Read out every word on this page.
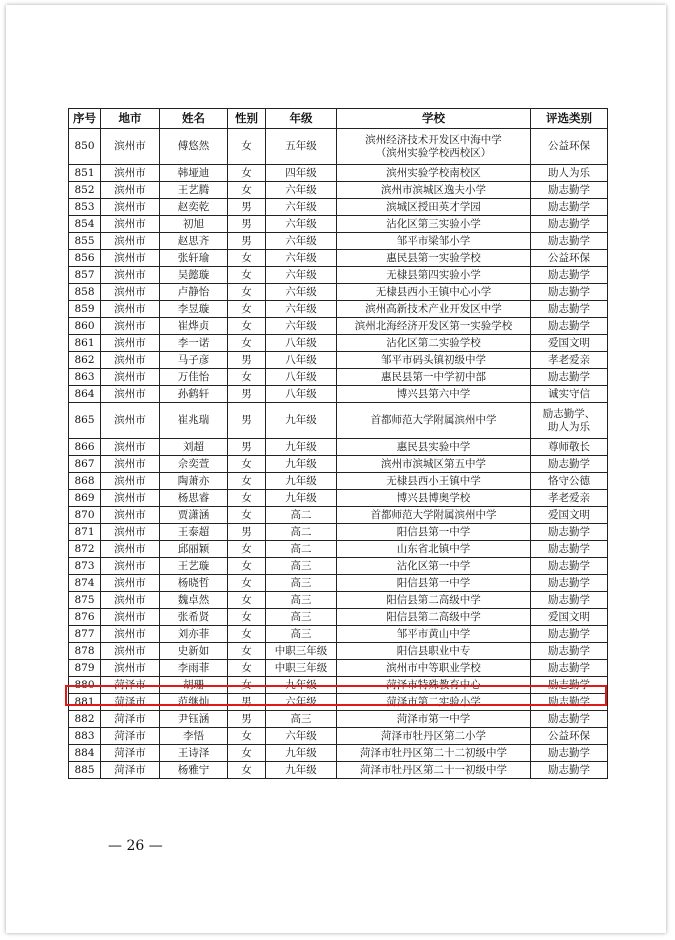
序号	地市	姓名	性别	年级	学校	评选类别
850	滨州市	傅悠然	女	五年级	滨州经济技术开发区中海中学
（滨州实验学校西校区）	公益环保
851	滨州市	韩垭迪	女	四年级	滨州实验学校南校区	助人为乐
852	滨州市	王艺腾	女	六年级	滨州市滨城区逸夫小学	励志勤学
853	滨州市	赵奕乾	男	六年级	滨城区授田英才学园	励志勤学
854	滨州市	初旭	男	六年级	沾化区第三实验小学	励志勤学
855	滨州市	赵思齐	男	六年级	邹平市梁邹小学	励志勤学
856	滨州市	张轩瑜	女	六年级	惠民县第一实验学校	公益环保
857	滨州市	吴懿璇	女	六年级	无棣县第四实验小学	励志勤学
858	滨州市	卢静怡	女	六年级	无棣县西小王镇中心小学	励志勤学
859	滨州市	李昱璇	女	六年级	滨州高新技术产业开发区中学	励志勤学
860	滨州市	崔烨贞	女	六年级	滨州北海经济开发区第一实验学校	励志勤学
861	滨州市	李一诺	女	八年级	沾化区第二实验学校	爱国文明
862	滨州市	马子彦	男	八年级	邹平市码头镇初级中学	孝老爱亲
863	滨州市	万佳怡	女	八年级	惠民县第一中学初中部	励志勤学
864	滨州市	孙鹤轩	男	八年级	博兴县第六中学	诚实守信
865	滨州市	崔兆瑞	男	九年级	首都师范大学附属滨州中学	励志勤学、
助人为乐
866	滨州市	刘超	男	九年级	惠民县实验中学	尊师敬长
867	滨州市	佘奕萱	女	九年级	滨州市滨城区第五中学	励志勤学
868	滨州市	陶萧亦	女	九年级	无棣县西小王镇中学	恪守公德
869	滨州市	杨思睿	女	九年级	博兴县博奥学校	孝老爱亲
870	滨州市	贾潇涵	女	高二	首都师范大学附属滨州中学	爱国文明
871	滨州市	王泰超	男	高二	阳信县第一中学	励志勤学
872	滨州市	邱丽颖	女	高二	山东省北镇中学	励志勤学
873	滨州市	王艺璇	女	高三	沾化区第一中学	励志勤学
874	滨州市	杨晓哲	女	高三	阳信县第一中学	励志勤学
875	滨州市	魏卓然	女	高三	阳信县第二高级中学	励志勤学
876	滨州市	张希贤	女	高三	阳信县第二高级中学	爱国文明
877	滨州市	刘亦菲	女	高三	邹平市黄山中学	励志勤学
878	滨州市	史新如	女	中职三年级	阳信县职业中专	励志勤学
879	滨州市	李雨菲	女	中职三年级	滨州市中等职业学校	励志勤学
880	菏泽市	胡珊	女	九年级	菏泽市特殊教育中心	励志勤学
881	菏泽市	范继灿	男	六年级	菏泽市第二实验小学	励志勤学
882	菏泽市	尹钰涵	男	高三	菏泽市第一中学	励志勤学
883	菏泽市	李悟	女	六年级	菏泽市牡丹区第二小学	公益环保
884	菏泽市	王诗泽	女	九年级	菏泽市牡丹区第二十二初级中学	励志勤学
885	菏泽市	杨雅宁	女	九年级	菏泽市牡丹区第二十一初级中学	励志勤学
— 26 —
